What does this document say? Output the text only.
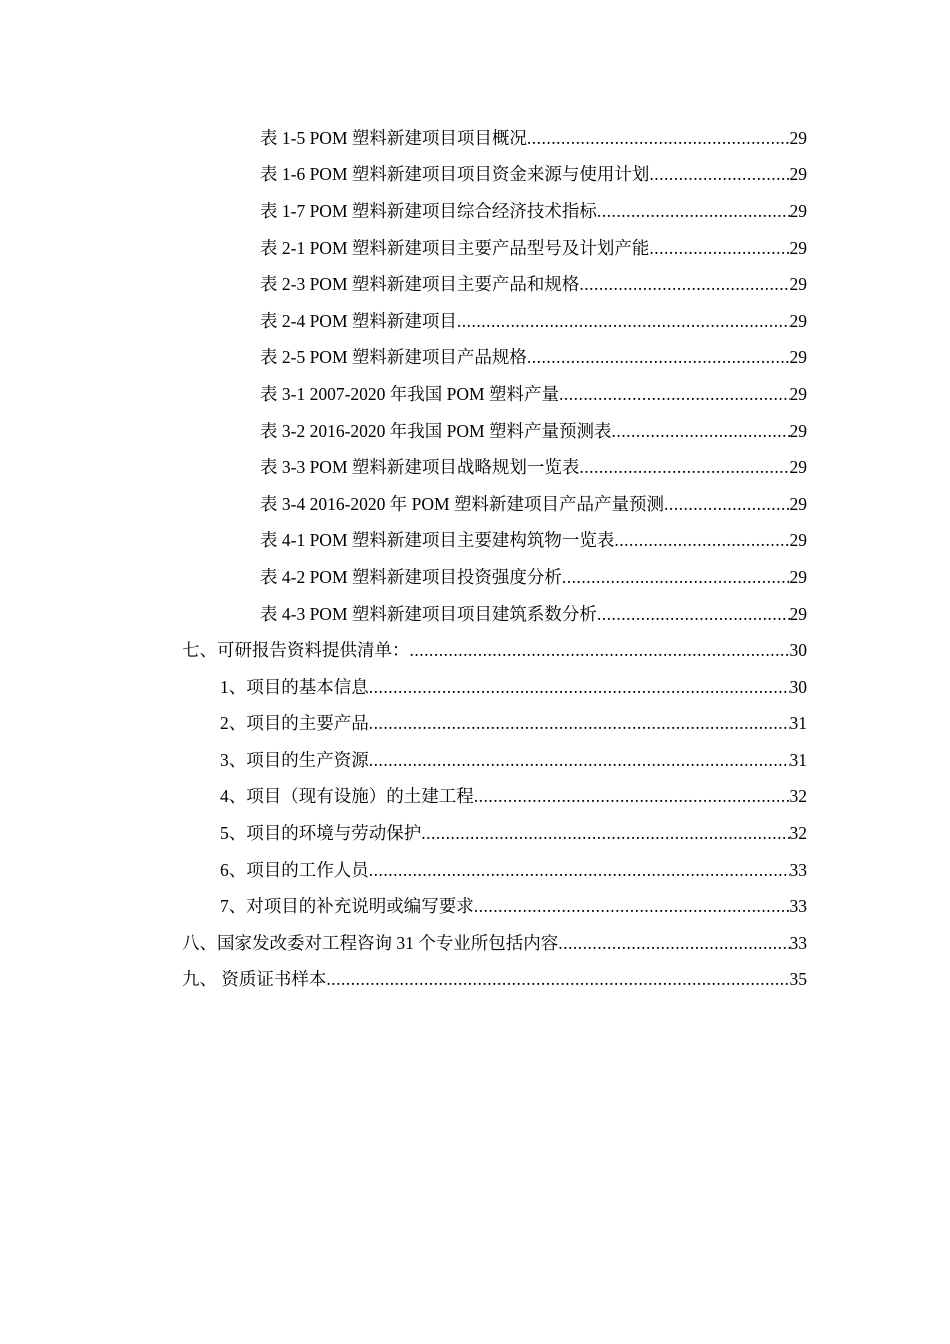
表 1-5 POM 塑料新建项目项目概况 .....	29
表 1-6 POM 塑料新建项目项目资金来源与使用计划 .....	29
表 1-7 POM 塑料新建项目综合经济技术指标 .....	29
表 2-1 POM 塑料新建项目主要产品型号及计划产能 .....	29
表 2-3 POM 塑料新建项目主要产品和规格 .....	29
表 2-4 POM 塑料新建项目 .....	29
表 2-5 POM 塑料新建项目产品规格 .....	29
表 3-1 2007-2020 年我国 POM 塑料产量 .....	29
表 3-2 2016-2020 年我国 POM 塑料产量预测表 .....	29
表 3-3 POM 塑料新建项目战略规划一览表 .....	29
表 3-4 2016-2020 年 POM 塑料新建项目产品产量预测 .....	29
表 4-1 POM 塑料新建项目主要建构筑物一览表 .....	29
表 4-2 POM 塑料新建项目投资强度分析 .....	29
表 4-3 POM 塑料新建项目项目建筑系数分析 .....	29
七、可研报告资料提供清单： .....	30
1、项目的基本信息 .....	30
2、项目的主要产品 .....	31
3、项目的生产资源 .....	31
4、项目（现有设施）的土建工程 .....	32
5、项目的环境与劳动保护 .....	32
6、项目的工作人员 .....	33
7、对项目的补充说明或编写要求 .....	33
八、国家发改委对工程咨询 31 个专业所包括内容 .....	33
九、 资质证书样本 .....	35
